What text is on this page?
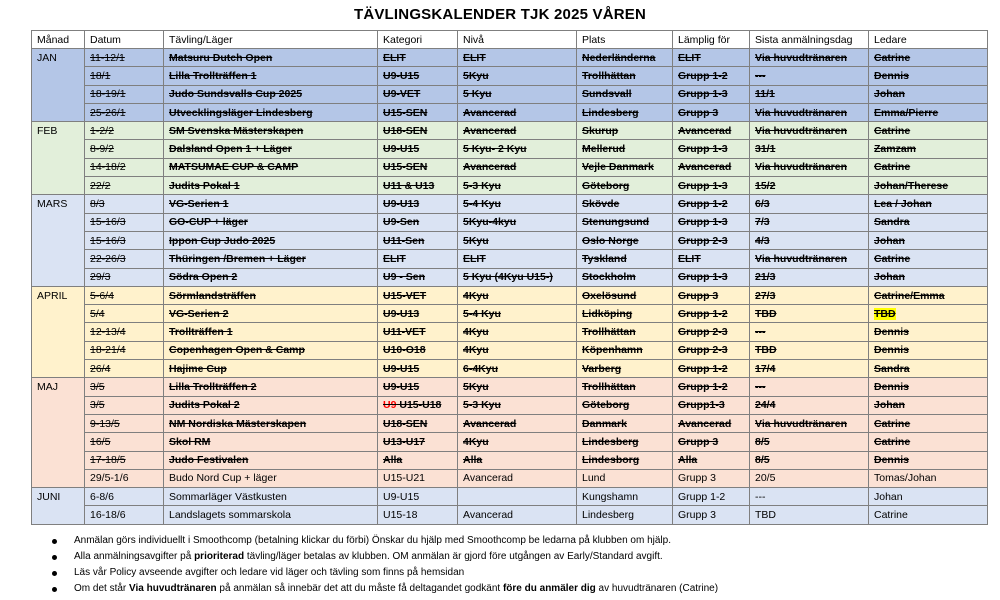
TÄVLINGSKALENDER TJK 2025 VÅREN
Månad	Datum	Tävling/Läger	Kategori	Nivå	Plats	Lämplig för	Sista anmälningsdag	Ledare
JAN	11-12/1	Matsuru Dutch Open	ELIT	ELIT	Nederländerna	ELIT	Via huvudtränaren	Catrine
	18/1	Lilla Trollträffen 1	U9-U15	5Kyu	Trollhättan	Grupp 1-2	---	Dennis
	18-19/1	Judo Sundsvalls Cup 2025	U9-VET	5 Kyu	Sundsvall	Grupp 1-3	11/1	Johan
	25-26/1	Utvecklingsläger Lindesberg	U15-SEN	Avancerad	Lindesberg	Grupp 3	Via huvudtränaren	Emma/Pierre
FEB	1-2/2	SM Svenska Mästerskapen	U18-SEN	Avancerad	Skurup	Avancerad	Via huvudtränaren	Catrine
	8-9/2	Dalsland Open 1 + Läger	U9-U15	5 Kyu- 2 Kyu	Mellerud	Grupp 1-3	31/1	Zamzam
	14-18/2	MATSUMAE CUP & CAMP	U15-SEN	Avancerad	Vejle Danmark	Avancerad	Via huvudtränaren	Catrine
	22/2	Judits Pokal 1	U11 & U13	5-3 Kyu	Göteborg	Grupp 1-3	15/2	Johan/Therese
MARS	8/3	VG-Serien 1	U9-U13	5-4 Kyu	Skövde	Grupp 1-2	6/3	Lea / Johan
	15-16/3	GO-CUP + läger	U9-Sen	5Kyu-4kyu	Stenungsund	Grupp 1-3	7/3	Sandra
	15-16/3	Ippon Cup Judo 2025	U11-Sen	5Kyu	Oslo Norge	Grupp 2-3	4/3	Johan
	22-26/3	Thüringen /Bremen + Läger	ELIT	ELIT	Tyskland	ELIT	Via huvudtränaren	Catrine
	29/3	Södra Open 2	U9 - Sen	5 Kyu (4Kyu U15-)	Stockholm	Grupp 1-3	21/3	Johan
APRIL	5-6/4	Sörmlandsträffen	U15-VET	4Kyu	Oxelösund	Grupp 3	27/3	Catrine/Emma
	5/4	VG-Serien 2	U9-U13	5-4 Kyu	Lidköping	Grupp 1-2	TBD	TBD
	12-13/4	Trollträffen 1	U11-VET	4Kyu	Trollhättan	Grupp 2-3	---	Dennis
	18-21/4	Copenhagen Open & Camp	U10-O18	4Kyu	Köpenhamn	Grupp 2-3	TBD	Dennis
	26/4	Hajime Cup	U9-U15	6-4Kyu	Varberg	Grupp 1-2	17/4	Sandra
MAJ	3/5	Lilla Trollträffen 2	U9-U15	5Kyu	Trollhättan	Grupp 1-2	---	Dennis
	3/5	Judits Pokal 2	U9 U15-U18	5-3 Kyu	Göteborg	Grupp1-3	24/4	Johan
	9-13/5	NM Nordiska Mästerskapen	U18-SEN	Avancerad	Danmark	Avancerad	Via huvudtränaren	Catrine
	16/5	Skol RM	U13-U17	4Kyu	Lindesberg	Grupp 3	8/5	Catrine
	17-18/5	Judo Festivalen	Alla	Alla	Lindesborg	Alla	8/5	Dennis
	29/5-1/6	Budo Nord Cup + läger	U15-U21	Avancerad	Lund	Grupp 3	20/5	Tomas/Johan
JUNI	6-8/6	Sommarläger Västkusten	U9-U15		Kungshamn	Grupp 1-2	---	Johan
	16-18/6	Landslagets sommarskola	U15-18	Avancerad	Lindesberg	Grupp 3	TBD	Catrine
Anmälan görs individuellt i Smoothcomp (betalning klickar du förbi) Önskar du hjälp med Smoothcomp be ledarna på klubben om hjälp.
Alla anmälningsavgifter på prioriterad tävling/läger betalas av klubben. OM anmälan är gjord före utgången av Early/Standard avgift.
Läs vår Policy avseende avgifter och ledare vid läger och tävling som finns på hemsidan
Om det står Via huvudtränaren på anmälan så innebär det att du måste få deltagandet godkänt före du anmäler dig av huvudtränaren (Catrine)
